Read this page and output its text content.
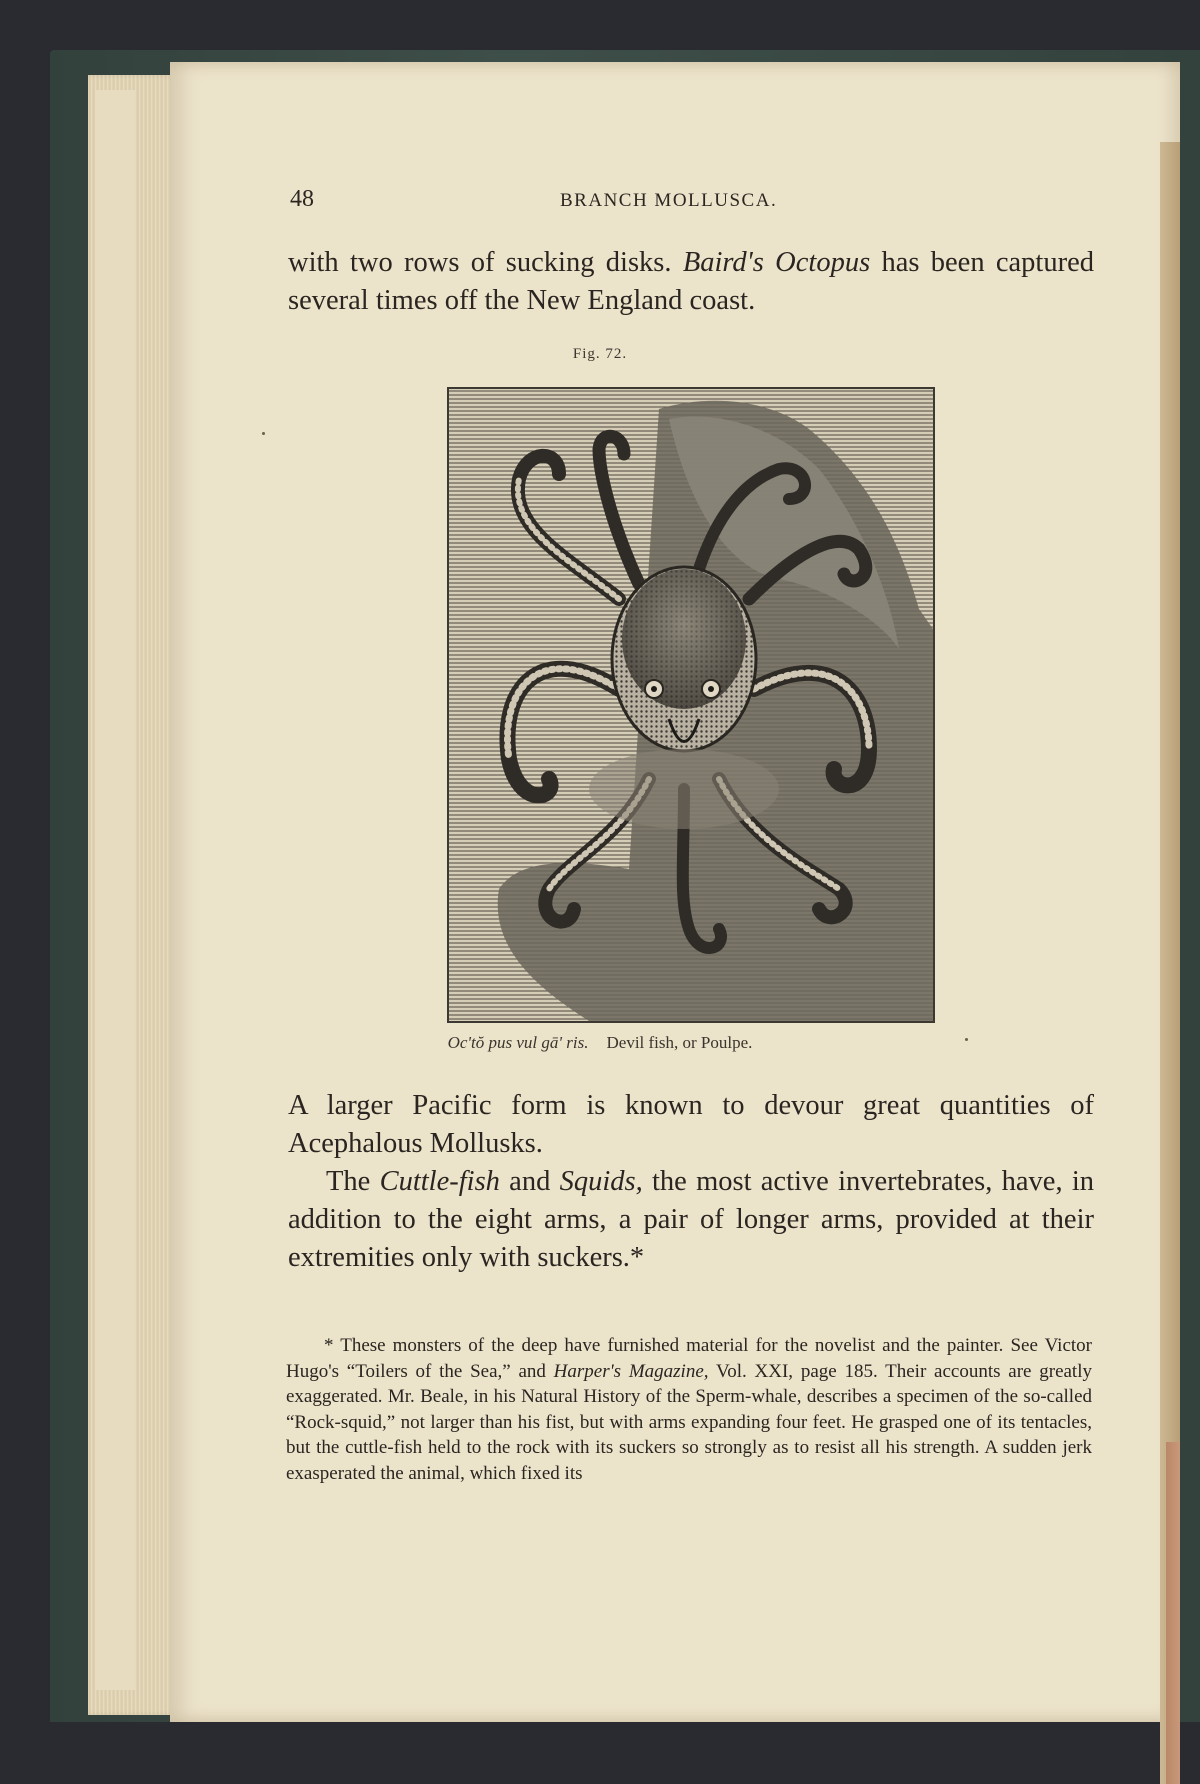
48	BRANCH MOLLUSCA.

with two rows of sucking disks. Baird's Octopus has been captured several times off the New England coast.

Fig. 72.
Oc'tŏ pus vul gā' ris. Devil fish, or Poulpe.

A larger Pacific form is known to devour great quantities of Acephalous Mollusks.

The Cuttle-fish and Squids, the most active invertebrates, have, in addition to the eight arms, a pair of longer arms, provided at their extremities only with suckers.*

* These monsters of the deep have furnished material for the novelist and the painter. See Victor Hugo's “Toilers of the Sea,” and Harper's Magazine, Vol. XXI, page 185. Their accounts are greatly exaggerated. Mr. Beale, in his Natural History of the Sperm-whale, describes a specimen of the so-called “Rock-squid,” not larger than his fist, but with arms expanding four feet. He grasped one of its tentacles, but the cuttle-fish held to the rock with its suckers so strongly as to resist all his strength. A sudden jerk exasperated the animal, which fixed its
